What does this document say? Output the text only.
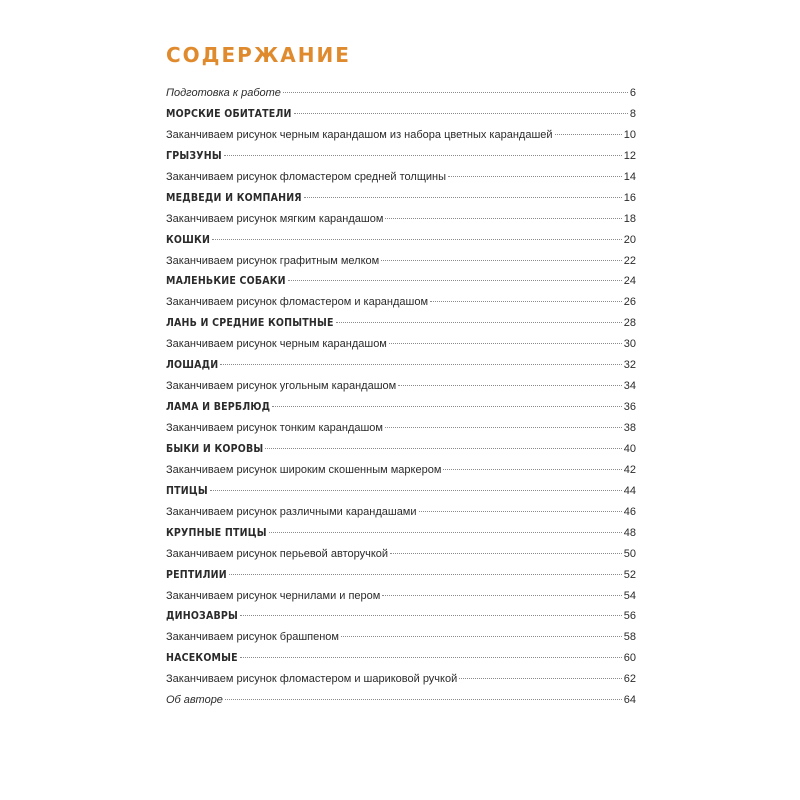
СОДЕРЖАНИЕ
Подготовка к работе	6
МОРСКИЕ ОБИТАТЕЛИ	8
Заканчиваем рисунок черным карандашом из набора цветных карандашей	10
ГРЫЗУНЫ	12
Заканчиваем рисунок фломастером средней толщины	14
МЕДВЕДИ И КОМПАНИЯ	16
Заканчиваем рисунок мягким карандашом	18
КОШКИ	20
Заканчиваем рисунок графитным мелком	22
МАЛЕНЬКИЕ СОБАКИ	24
Заканчиваем рисунок фломастером и карандашом	26
ЛАНЬ И СРЕДНИЕ КОПЫТНЫЕ	28
Заканчиваем рисунок черным карандашом	30
ЛОШАДИ	32
Заканчиваем рисунок угольным карандашом	34
ЛАМА И ВЕРБЛЮД	36
Заканчиваем рисунок тонким карандашом	38
БЫКИ И КОРОВЫ	40
Заканчиваем рисунок широким скошенным маркером	42
ПТИЦЫ	44
Заканчиваем рисунок различными карандашами	46
КРУПНЫЕ ПТИЦЫ	48
Заканчиваем рисунок перьевой авторучкой	50
РЕПТИЛИИ	52
Заканчиваем рисунок чернилами и пером	54
ДИНОЗАВРЫ	56
Заканчиваем рисунок брашпеном	58
НАСЕКОМЫЕ	60
Заканчиваем рисунок фломастером и шариковой ручкой	62
Об авторе	64
